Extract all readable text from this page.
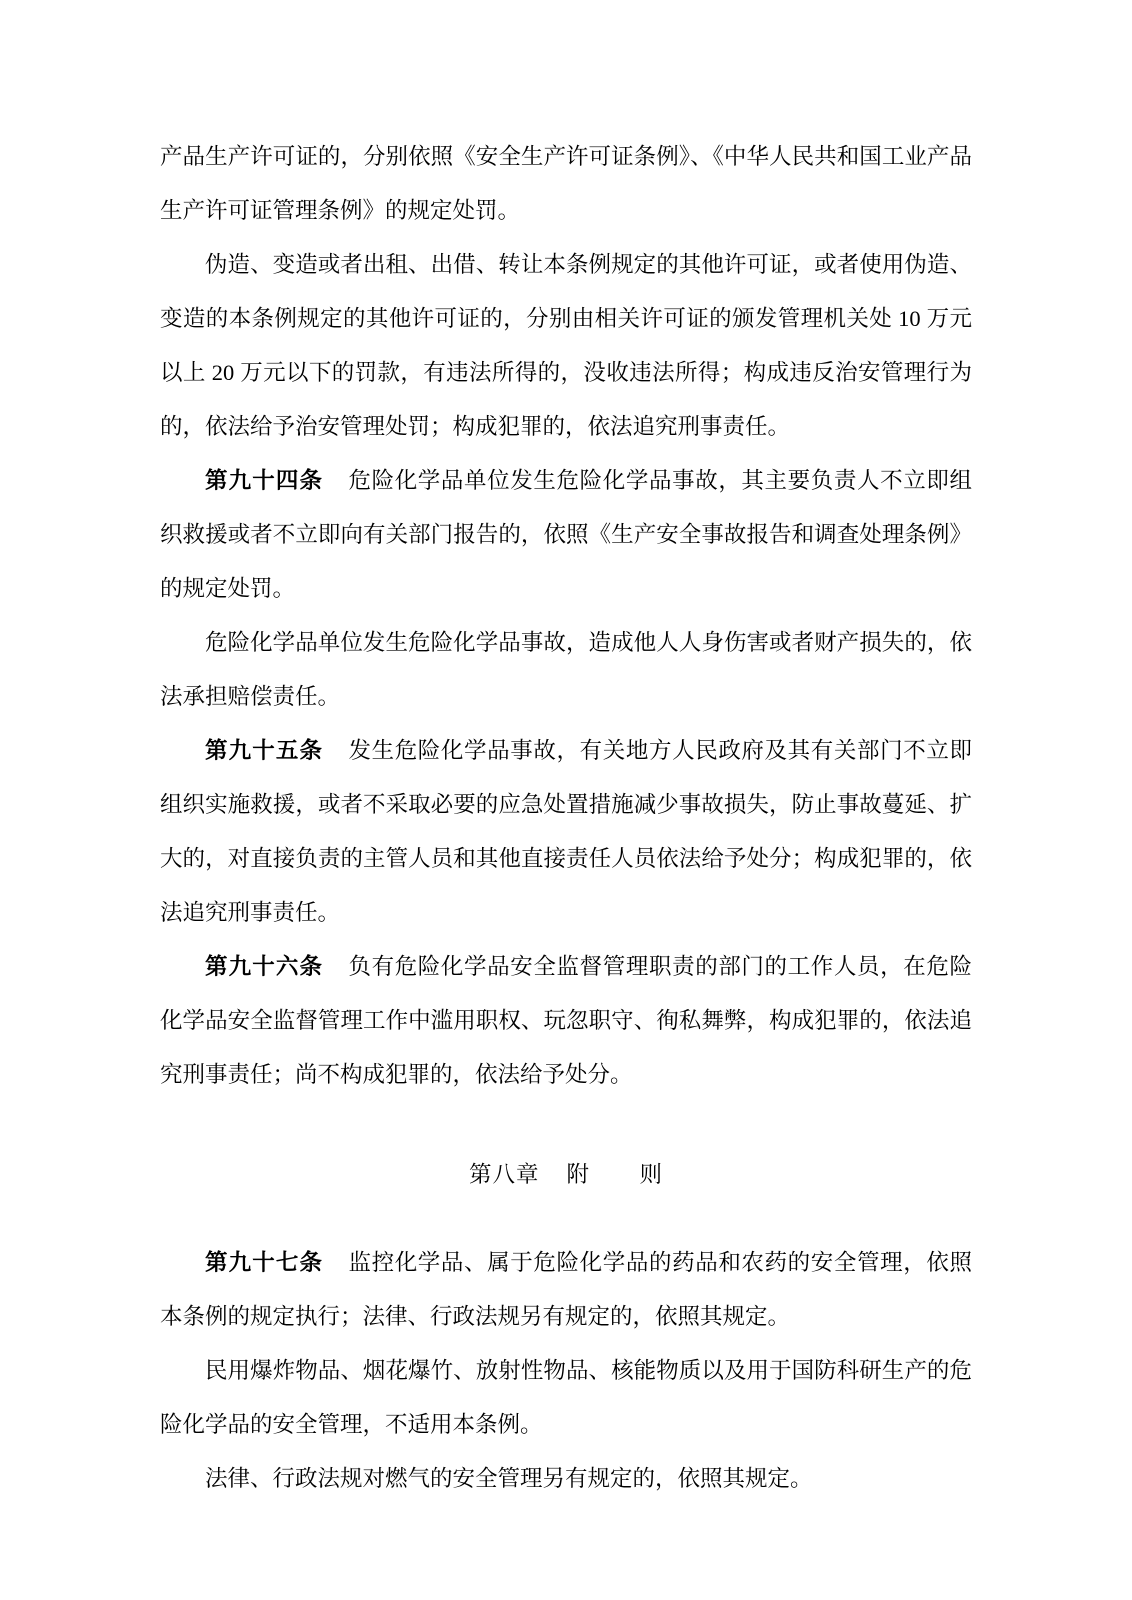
产品生产许可证的，分别依照《安全生产许可证条例》、《中华人民共和国工业产品生产许可证管理条例》的规定处罚。

伪造、变造或者出租、出借、转让本条例规定的其他许可证，或者使用伪造、变造的本条例规定的其他许可证的，分别由相关许可证的颁发管理机关处 10 万元以上 20 万元以下的罚款，有违法所得的，没收违法所得；构成违反治安管理行为的，依法给予治安管理处罚；构成犯罪的，依法追究刑事责任。

第九十四条 危险化学品单位发生危险化学品事故，其主要负责人不立即组织救援或者不立即向有关部门报告的，依照《生产安全事故报告和调查处理条例》的规定处罚。

危险化学品单位发生危险化学品事故，造成他人人身伤害或者财产损失的，依法承担赔偿责任。

第九十五条 发生危险化学品事故，有关地方人民政府及其有关部门不立即组织实施救援，或者不采取必要的应急处置措施减少事故损失，防止事故蔓延、扩大的，对直接负责的主管人员和其他直接责任人员依法给予处分；构成犯罪的，依法追究刑事责任。

第九十六条 负有危险化学品安全监督管理职责的部门的工作人员，在危险化学品安全监督管理工作中滥用职权、玩忽职守、徇私舞弊，构成犯罪的，依法追究刑事责任；尚不构成犯罪的，依法给予处分。

第八章 附 则

第九十七条 监控化学品、属于危险化学品的药品和农药的安全管理，依照本条例的规定执行；法律、行政法规另有规定的，依照其规定。

民用爆炸物品、烟花爆竹、放射性物品、核能物质以及用于国防科研生产的危险化学品的安全管理，不适用本条例。

法律、行政法规对燃气的安全管理另有规定的，依照其规定。
